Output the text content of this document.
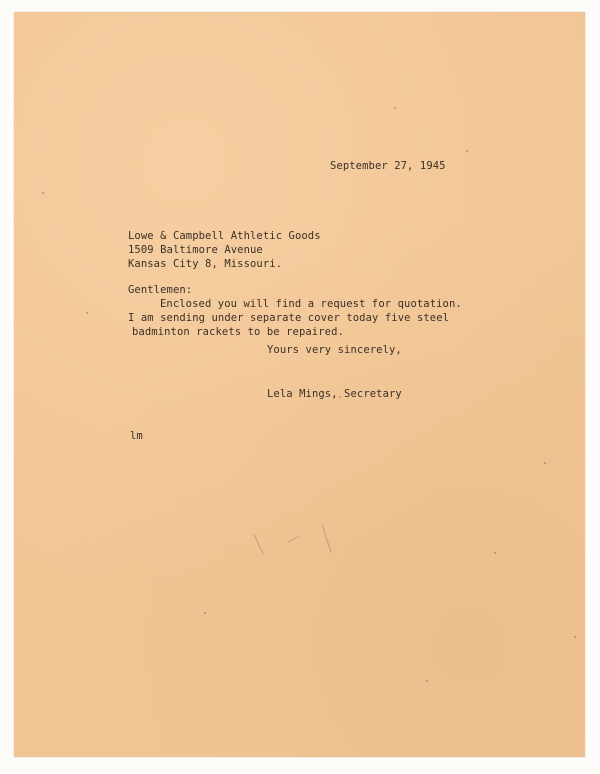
September 27, 1945
Lowe & Campbell Athletic Goods
1509 Baltimore Avenue
Kansas City 8, Missouri.
Gentlemen:
Enclosed you will find a request for quotation.
I am sending under separate cover today five steel
badminton rackets to be repaired.
Yours very sincerely,
Lela Mings, Secretary
lm
